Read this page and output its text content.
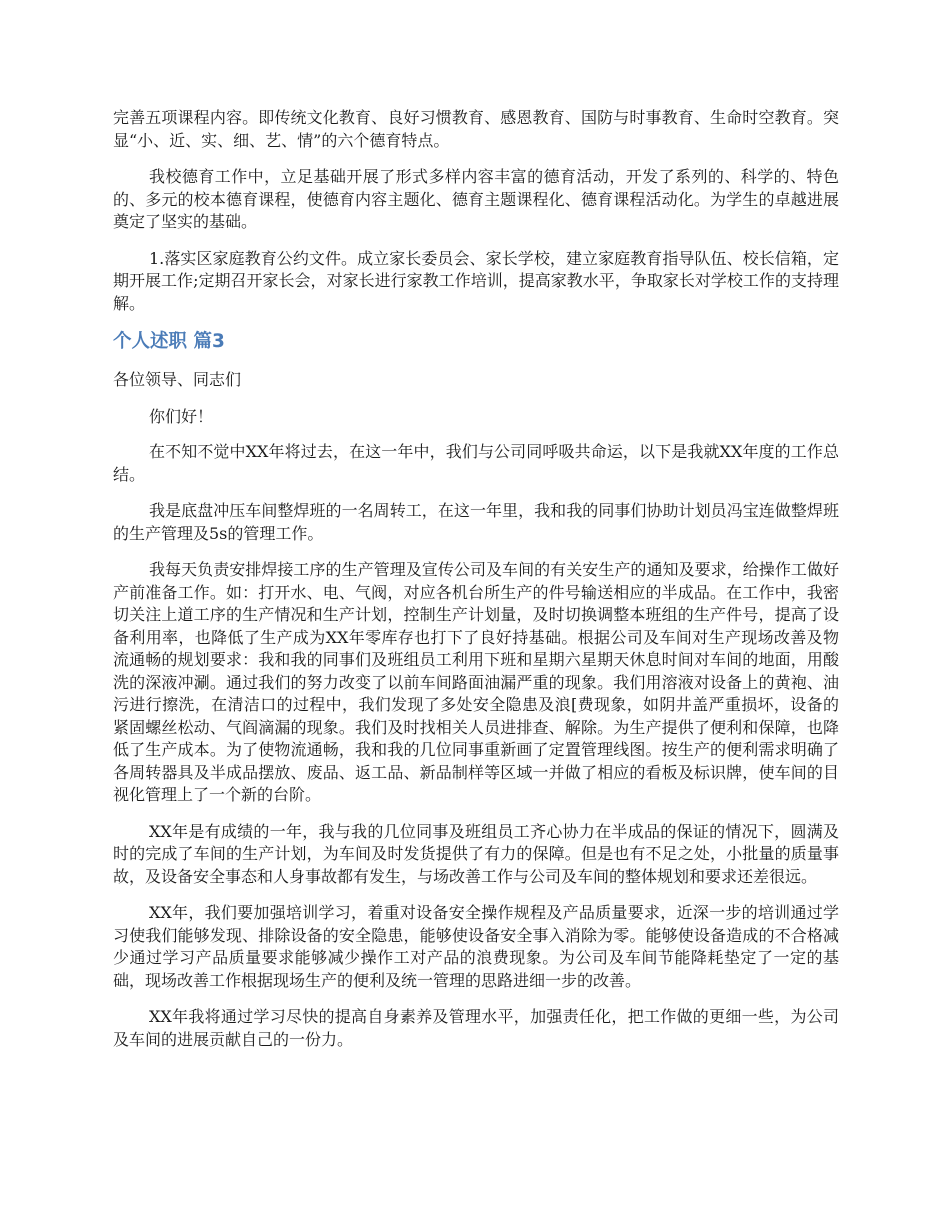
完善五项课程内容。即传统文化教育、良好习惯教育、感恩教育、国防与时事教育、生命时空教育。突显“小、近、实、细、艺、情”的六个德育特点。

我校德育工作中，立足基础开展了形式多样内容丰富的德育活动，开发了系列的、科学的、特色的、多元的校本德育课程，使德育内容主题化、德育主题课程化、德育课程活动化。为学生的卓越进展奠定了坚实的基础。

1.落实区家庭教育公约文件。成立家长委员会、家长学校，建立家庭教育指导队伍、校长信箱，定期开展工作;定期召开家长会，对家长进行家教工作培训，提高家教水平，争取家长对学校工作的支持理解。

个人述职 篇3

各位领导、同志们

你们好！

在不知不觉中XX年将过去，在这一年中，我们与公司同呼吸共命运，以下是我就XX年度的工作总结。

我是底盘冲压车间整焊班的一名周转工，在这一年里，我和我的同事们协助计划员冯宝连做整焊班的生产管理及5s的管理工作。

我每天负责安排焊接工序的生产管理及宣传公司及车间的有关安生产的通知及要求，给操作工做好产前准备工作。如：打开水、电、气阀，对应各机台所生产的件号输送相应的半成品。在工作中，我密切关注上道工序的生产情况和生产计划，控制生产计划量，及时切换调整本班组的生产件号，提高了设备利用率，也降低了生产成为XX年零库存也打下了良好持基础。根据公司及车间对生产现场改善及物流通畅的规划要求：我和我的同事们及班组员工利用下班和星期六星期天休息时间对车间的地面，用酸洗的深液冲涮。通过我们的努力改变了以前车间路面油漏严重的现象。我们用溶液对设备上的黄袍、油污进行擦洗，在清洁口的过程中，我们发现了多处安全隐患及浪[费现象，如阴井盖严重损坏，设备的紧固螺丝松动、气阎滴漏的现象。我们及时找相关人员进排查、解除。为生产提供了便利和保障，也降低了生产成本。为了使物流通畅，我和我的几位同事重新画了定置管理线图。按生产的便利需求明确了各周转器具及半成品摆放、废品、返工品、新品制样等区域一并做了相应的看板及标识牌，使车间的目视化管理上了一个新的台阶。

XX年是有成绩的一年，我与我的几位同事及班组员工齐心协力在半成品的保证的情况下，圆满及时的完成了车间的生产计划，为车间及时发货提供了有力的保障。但是也有不足之处，小批量的质量事故，及设备安全事态和人身事故都有发生，与场改善工作与公司及车间的整体规划和要求还差很远。

XX年，我们要加强培训学习，着重对设备安全操作规程及产品质量要求，近深一步的培训通过学习使我们能够发现、排除设备的安全隐患，能够使设备安全事入消除为零。能够使设备造成的不合格减少通过学习产品质量要求能够减少操作工对产品的浪费现象。为公司及车间节能降耗垫定了一定的基础，现场改善工作根据现场生产的便利及统一管理的思路进细一步的改善。

XX年我将通过学习尽快的提高自身素养及管理水平，加强责任化，把工作做的更细一些，为公司及车间的进展贡献自己的一份力。
